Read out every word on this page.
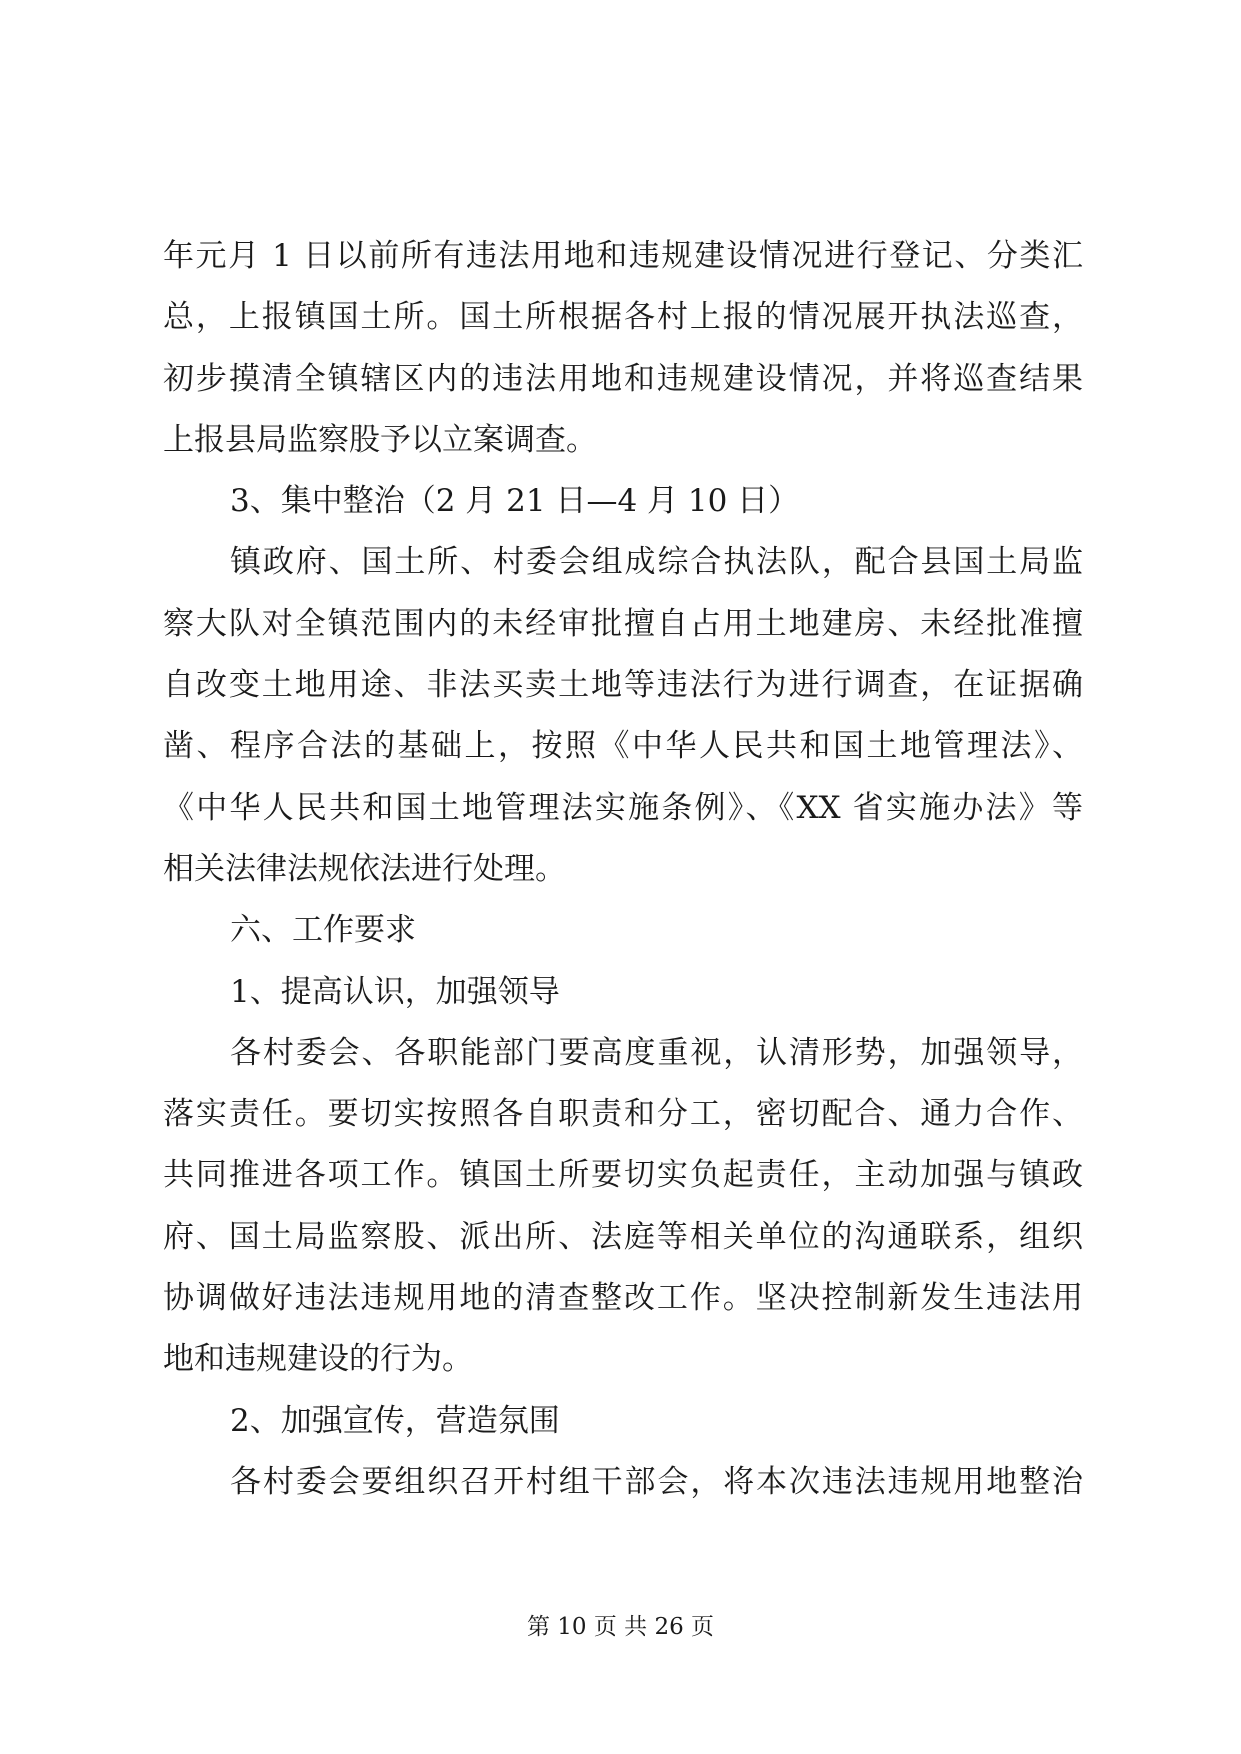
年元月 1 日以前所有违法用地和违规建设情况进行登记、分类汇
总，上报镇国土所。国土所根据各村上报的情况展开执法巡查，
初步摸清全镇辖区内的违法用地和违规建设情况，并将巡查结果
上报县局监察股予以立案调查。
3、集中整治（2 月 21 日—4 月 10 日）
镇政府、国土所、村委会组成综合执法队，配合县国土局监
察大队对全镇范围内的未经审批擅自占用土地建房、未经批准擅
自改变土地用途、非法买卖土地等违法行为进行调查，在证据确
凿、程序合法的基础上，按照《中华人民共和国土地管理法》、
《中华人民共和国土地管理法实施条例》、《XX 省实施办法》等
相关法律法规依法进行处理。
六、工作要求
1、提高认识，加强领导
各村委会、各职能部门要高度重视，认清形势，加强领导，
落实责任。要切实按照各自职责和分工，密切配合、通力合作、
共同推进各项工作。镇国土所要切实负起责任，主动加强与镇政
府、国土局监察股、派出所、法庭等相关单位的沟通联系，组织
协调做好违法违规用地的清查整改工作。坚决控制新发生违法用
地和违规建设的行为。
2、加强宣传，营造氛围
各村委会要组织召开村组干部会，将本次违法违规用地整治
第 10 页 共 26 页
